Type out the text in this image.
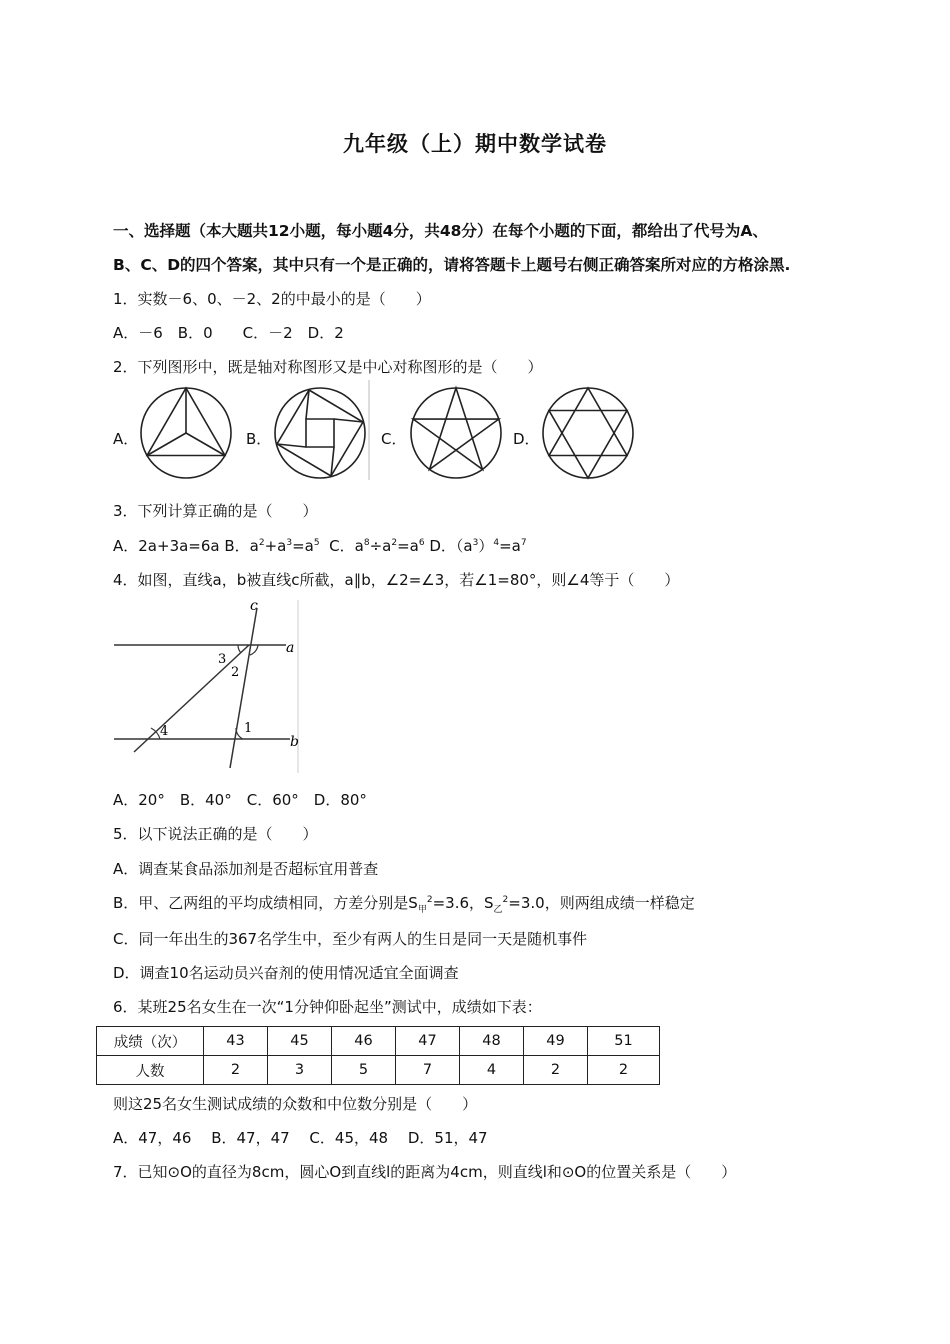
九年级（上）期中数学试卷
一、选择题（本大题共12小题，每小题4分，共48分）在每个小题的下面，都给出了代号为A、
B、C、D的四个答案，其中只有一个是正确的，请将答题卡上题号右侧正确答案所对应的方格涂黑.
1．实数－6、0、－2、2的中最小的是（　　）
A．－6　B．0　　C．－2　D．2
2．下列图形中，既是轴对称图形又是中心对称图形的是（　　）
A．	B．	C．	D．
3．下列计算正确的是（　　）
A．2a+3a=6a B．$a^2+a^3=a^5$ C．$a^8\div a^2=a^6$ D．$(a^3)^4=a^7$
4．如图，直线a，b被直线c所截，a∥b，∠2=∠3，若∠1=80°，则∠4等于（　　）
c
a
b
3
2
1
4
A．20°　B．40°　C．60°　D．80°
5．以下说法正确的是（　　）
A．调查某食品添加剂是否超标宜用普查
B．甲、乙两组的平均成绩相同，方差分别是$S_甲^2=3.6$，$S_乙^2=3.0$，则两组成绩一样稳定
C．同一年出生的367名学生中，至少有两人的生日是同一天是随机事件
D．调查10名运动员兴奋剂的使用情况适宜全面调查
6．某班25名女生在一次“1分钟仰卧起坐”测试中，成绩如下表：
成绩（次）	43	45	46	47	48	49	51
人数	2	3	5	7	4	2	2
则这25名女生测试成绩的众数和中位数分别是（　　）
A．47，46　 B．47，47　 C．45，48　 D．51，47
7．已知⊙O的直径为8cm，圆心O到直线l的距离为4cm，则直线l和⊙O的位置关系是（　　）
